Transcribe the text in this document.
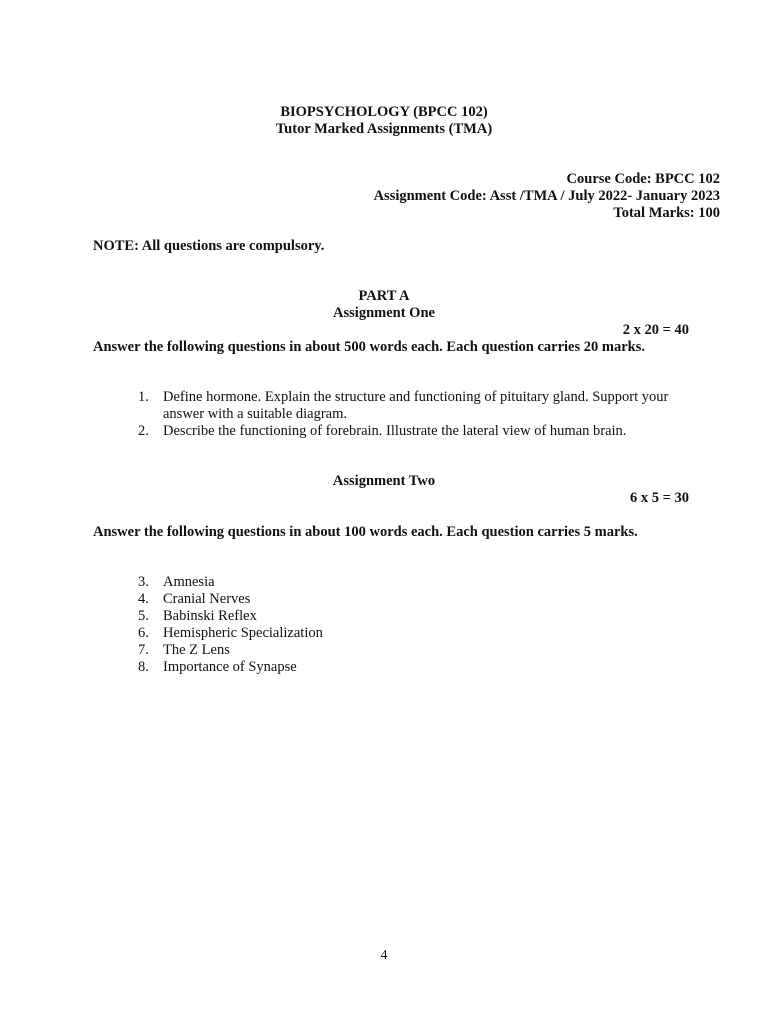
BIOPSYCHOLOGY (BPCC 102)
Tutor Marked Assignments (TMA)
Course Code: BPCC 102
Assignment Code: Asst /TMA / July 2022- January 2023
Total Marks: 100
NOTE: All questions are compulsory.
PART A
Assignment One
2 x 20 = 40
Answer the following questions in about 500 words each. Each question carries 20 marks.
1. Define hormone. Explain the structure and functioning of pituitary gland. Support your answer with a suitable diagram.
2. Describe the functioning of forebrain. Illustrate the lateral view of human brain.
Assignment Two
6 x 5 = 30
Answer the following questions in about 100 words each. Each question carries 5 marks.
3. Amnesia
4. Cranial Nerves
5. Babinski Reflex
6. Hemispheric Specialization
7. The Z Lens
8. Importance of Synapse
4
